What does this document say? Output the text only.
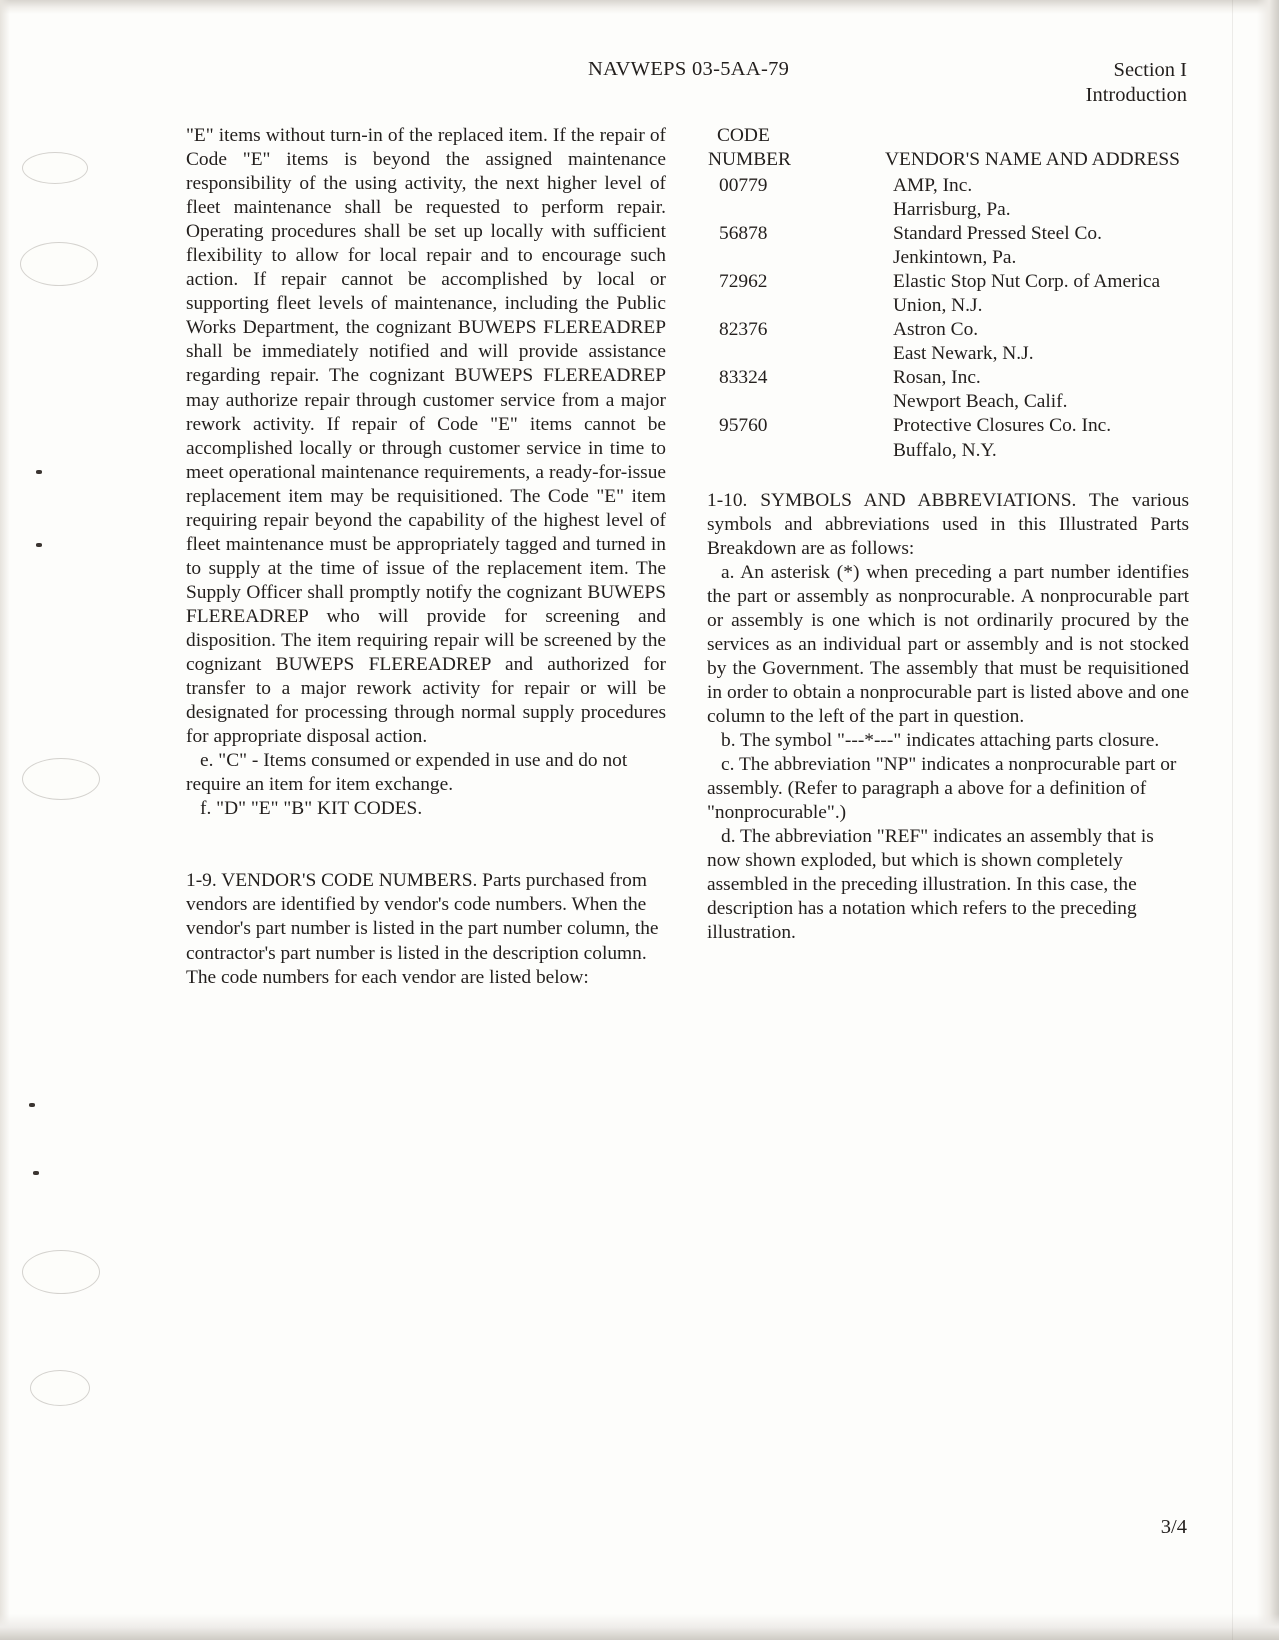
NAVWEPS 03-5AA-79	Section I
Introduction

"E" items without turn-in of the replaced item. If the repair of Code "E" items is beyond the assigned maintenance responsibility of the using activity, the next higher level of fleet maintenance shall be requested to perform repair. Operating procedures shall be set up locally with sufficient flexibility to allow for local repair and to encourage such action. If repair cannot be accomplished by local or supporting fleet levels of maintenance, including the Public Works Department, the cognizant BUWEPS FLEREADREP shall be immediately notified and will provide assistance regarding repair. The cognizant BUWEPS FLEREADREP may authorize repair through customer service from a major rework activity. If repair of Code "E" items cannot be accomplished locally or through customer service in time to meet operational maintenance requirements, a ready-for-issue replacement item may be requisitioned. The Code "E" item requiring repair beyond the capability of the highest level of fleet maintenance must be appropriately tagged and turned in to supply at the time of issue of the replacement item. The Supply Officer shall promptly notify the cognizant BUWEPS FLEREADREP who will provide for screening and disposition. The item requiring repair will be screened by the cognizant BUWEPS FLEREADREP and authorized for transfer to a major rework activity for repair or will be designated for processing through normal supply procedures for appropriate disposal action.

e. "C" - Items consumed or expended in use and do not require an item for item exchange.

f. "D" "E" "B" KIT CODES.

1-9. VENDOR'S CODE NUMBERS. Parts purchased from vendors are identified by vendor's code numbers. When the vendor's part number is listed in the part number column, the contractor's part number is listed in the description column. The code numbers for each vendor are listed below:

CODE
NUMBER	VENDOR'S NAME AND ADDRESS
00779	AMP, Inc.
Harrisburg, Pa.
56878	Standard Pressed Steel Co.
Jenkintown, Pa.
72962	Elastic Stop Nut Corp. of America
Union, N.J.
82376	Astron Co.
East Newark, N.J.
83324	Rosan, Inc.
Newport Beach, Calif.
95760	Protective Closures Co. Inc.
Buffalo, N.Y.

1-10. SYMBOLS AND ABBREVIATIONS. The various symbols and abbreviations used in this Illustrated Parts Breakdown are as follows:

a. An asterisk (*) when preceding a part number identifies the part or assembly as nonprocurable. A nonprocurable part or assembly is one which is not ordinarily procured by the services as an individual part or assembly and is not stocked by the Government. The assembly that must be requisitioned in order to obtain a nonprocurable part is listed above and one column to the left of the part in question.

b. The symbol "---*---" indicates attaching parts closure.

c. The abbreviation "NP" indicates a nonprocurable part or assembly. (Refer to paragraph a above for a definition of "nonprocurable".)

d. The abbreviation "REF" indicates an assembly that is now shown exploded, but which is shown completely assembled in the preceding illustration. In this case, the description has a notation which refers to the preceding illustration.

3/4
